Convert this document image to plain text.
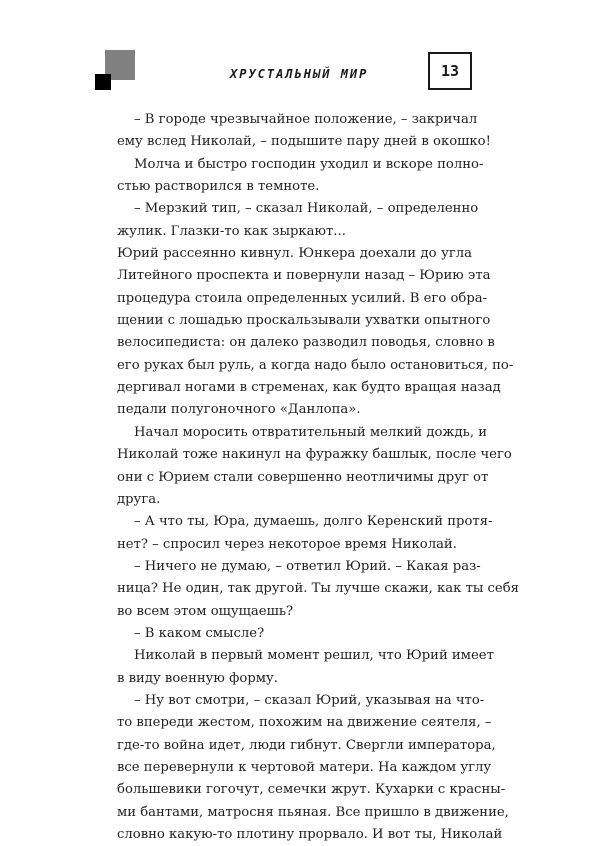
ХРУСТАЛЬНЫЙ МИР	13
– В городе чрезвычайное положение, – закричал
ему вслед Николай, – подышите пару дней в окошко!
Молча и быстро господин уходил и вскоре полно-
стью растворился в темноте.
– Мерзкий тип, – сказал Николай, – определенно
жулик. Глазки-то как зыркают...
Юрий рассеянно кивнул. Юнкера доехали до угла
Литейного проспекта и повернули назад – Юрию эта
процедура стоила определенных усилий. В его обра-
щении с лошадью проскальзывали ухватки опытного
велосипедиста: он далеко разводил поводья, словно в
его руках был руль, а когда надо было остановиться, по-
дергивал ногами в стременах, как будто вращая назад
педали полугоночного «Данлопа».
Начал моросить отвратительный мелкий дождь, и
Николай тоже накинул на фуражку башлык, после чего
они с Юрием стали совершенно неотличимы друг от
друга.
– А что ты, Юра, думаешь, долго Керенский протя-
нет? – спросил через некоторое время Николай.
– Ничего не думаю, – ответил Юрий. – Какая раз-
ница? Не один, так другой. Ты лучше скажи, как ты себя
во всем этом ощущаешь?
– В каком смысле?
Николай в первый момент решил, что Юрий имеет
в виду военную форму.
– Ну вот смотри, – сказал Юрий, указывая на что-
то впереди жестом, похожим на движение сеятеля, –
где-то война идет, люди гибнут. Свергли императора,
все перевернули к чертовой матери. На каждом углу
большевики гогочут, семечки жрут. Кухарки с красны-
ми бантами, матросня пьяная. Все пришло в движение,
словно какую-то плотину прорвало. И вот ты, Николай
